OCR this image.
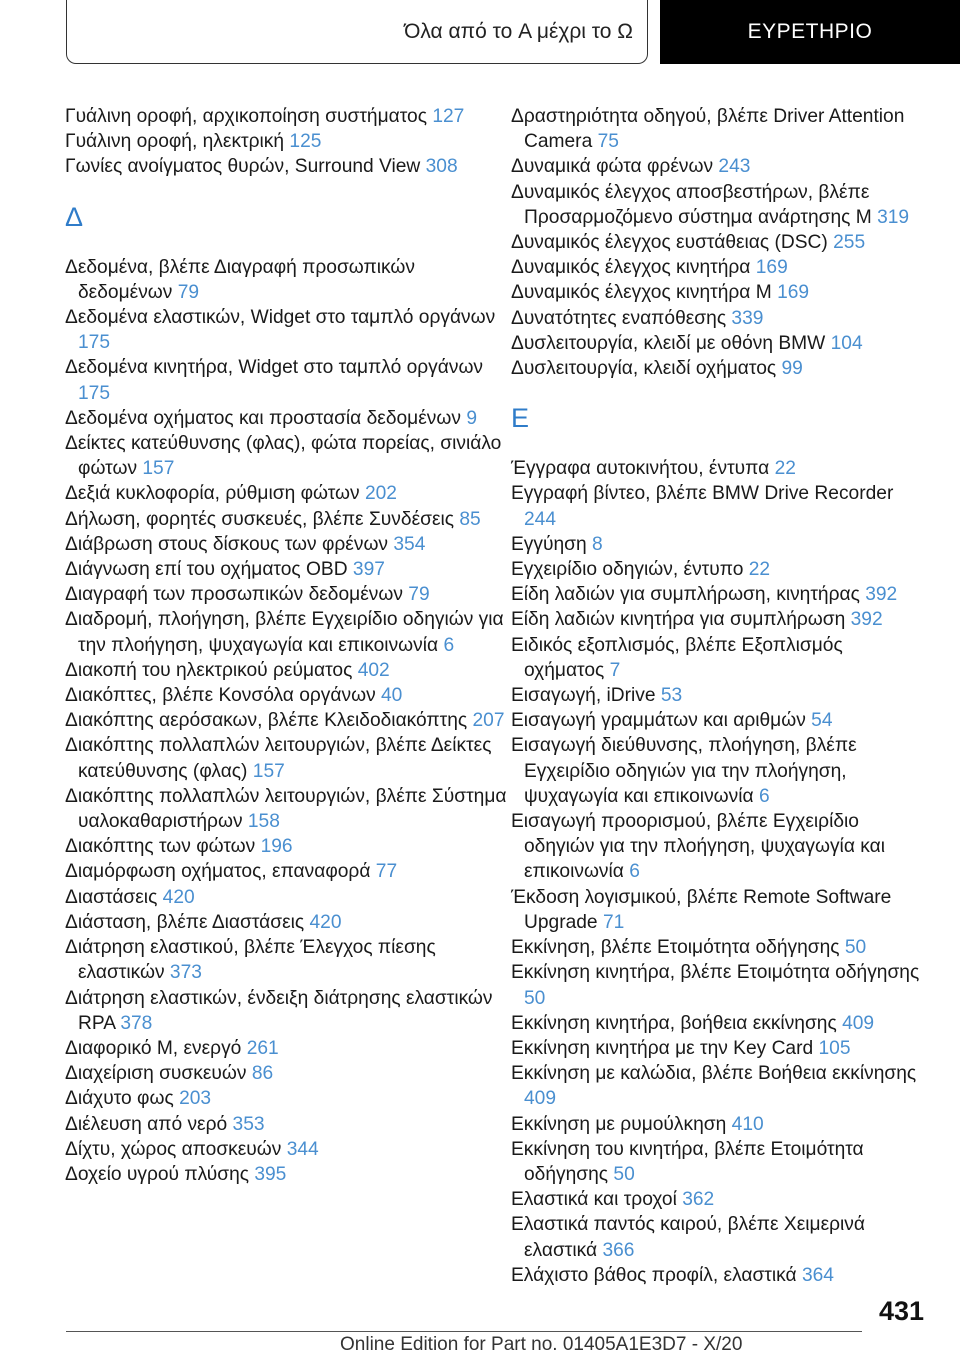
Όλα από το A μέχρι το Ω	ΕΥΡΕΤΗΡΙΟ
Γυάλινη οροφή, αρχικοποίηση συστήματος 127
Γυάλινη οροφή, ηλεκτρική 125
Γωνίες ανοίγματος θυρών, Surround View 308
Δ
Δεδομένα, βλέπε Διαγραφή προσωπικών δεδομένων 79
Δεδομένα ελαστικών, Widget στο ταμπλό οργάνων 175
Δεδομένα κινητήρα, Widget στο ταμπλό οργάνων 175
Δεδομένα οχήματος και προστασία δεδομένων 9
Δείκτες κατεύθυνσης (φλας), φώτα πορείας, σινιάλο φώτων 157
Δεξιά κυκλοφορία, ρύθμιση φώτων 202
Δήλωση, φορητές συσκευές, βλέπε Συνδέσεις 85
Διάβρωση στους δίσκους των φρένων 354
Διάγνωση επί του οχήματος OBD 397
Διαγραφή των προσωπικών δεδομένων 79
Διαδρομή, πλοήγηση, βλέπε Εγχειρίδιο οδηγιών για την πλοήγηση, ψυχαγωγία και επικοινωνία 6
Διακοπή του ηλεκτρικού ρεύματος 402
Διακόπτες, βλέπε Κονσόλα οργάνων 40
Διακόπτης αερόσακων, βλέπε Κλειδοδιακόπτης 207
Διακόπτης πολλαπλών λειτουργιών, βλέπε Δείκτες κατεύθυνσης (φλας) 157
Διακόπτης πολλαπλών λειτουργιών, βλέπε Σύστημα υαλοκαθαριστήρων 158
Διακόπτης των φώτων 196
Διαμόρφωση οχήματος, επαναφορά 77
Διαστάσεις 420
Διάσταση, βλέπε Διαστάσεις 420
Διάτρηση ελαστικού, βλέπε Έλεγχος πίεσης ελαστικών 373
Διάτρηση ελαστικών, ένδειξη διάτρησης ελαστικών RPA 378
Διαφορικό M, ενεργό 261
Διαχείριση συσκευών 86
Διάχυτο φως 203
Διέλευση από νερό 353
Δίχτυ, χώρος αποσκευών 344
Δοχείο υγρού πλύσης 395
Δραστηριότητα οδηγού, βλέπε Driver Attention Camera 75
Δυναμικά φώτα φρένων 243
Δυναμικός έλεγχος αποσβεστήρων, βλέπε Προσαρμοζόμενο σύστημα ανάρτησης M 319
Δυναμικός έλεγχος ευστάθειας (DSC) 255
Δυναμικός έλεγχος κινητήρα 169
Δυναμικός έλεγχος κινητήρα M 169
Δυνατότητες εναπόθεσης 339
Δυσλειτουργία, κλειδί με οθόνη BMW 104
Δυσλειτουργία, κλειδί οχήματος 99
Ε
Έγγραφα αυτοκινήτου, έντυπα 22
Εγγραφή βίντεο, βλέπε BMW Drive Recorder 244
Εγγύηση 8
Εγχειρίδιο οδηγιών, έντυπο 22
Είδη λαδιών για συμπλήρωση, κινητήρας 392
Είδη λαδιών κινητήρα για συμπλήρωση 392
Ειδικός εξοπλισμός, βλέπε Εξοπλισμός οχήματος 7
Εισαγωγή, iDrive 53
Εισαγωγή γραμμάτων και αριθμών 54
Εισαγωγή διεύθυνσης, πλοήγηση, βλέπε Εγχειρίδιο οδηγιών για την πλοήγηση, ψυχαγωγία και επικοινωνία 6
Εισαγωγή προορισμού, βλέπε Εγχειρίδιο οδηγιών για την πλοήγηση, ψυχαγωγία και επικοινωνία 6
Έκδοση λογισμικού, βλέπε Remote Software Upgrade 71
Εκκίνηση, βλέπε Ετοιμότητα οδήγησης 50
Εκκίνηση κινητήρα, βλέπε Ετοιμότητα οδήγησης 50
Εκκίνηση κινητήρα, βοήθεια εκκίνησης 409
Εκκίνηση κινητήρα με την Key Card 105
Εκκίνηση με καλώδια, βλέπε Βοήθεια εκκίνησης 409
Εκκίνηση με ρυμούλκηση 410
Εκκίνηση του κινητήρα, βλέπε Ετοιμότητα οδήγησης 50
Ελαστικά και τροχοί 362
Ελαστικά παντός καιρού, βλέπε Χειμερινά ελαστικά 366
Ελάχιστο βάθος προφίλ, ελαστικά 364
431
Online Edition for Part no. 01405A1E3D7 - X/20
